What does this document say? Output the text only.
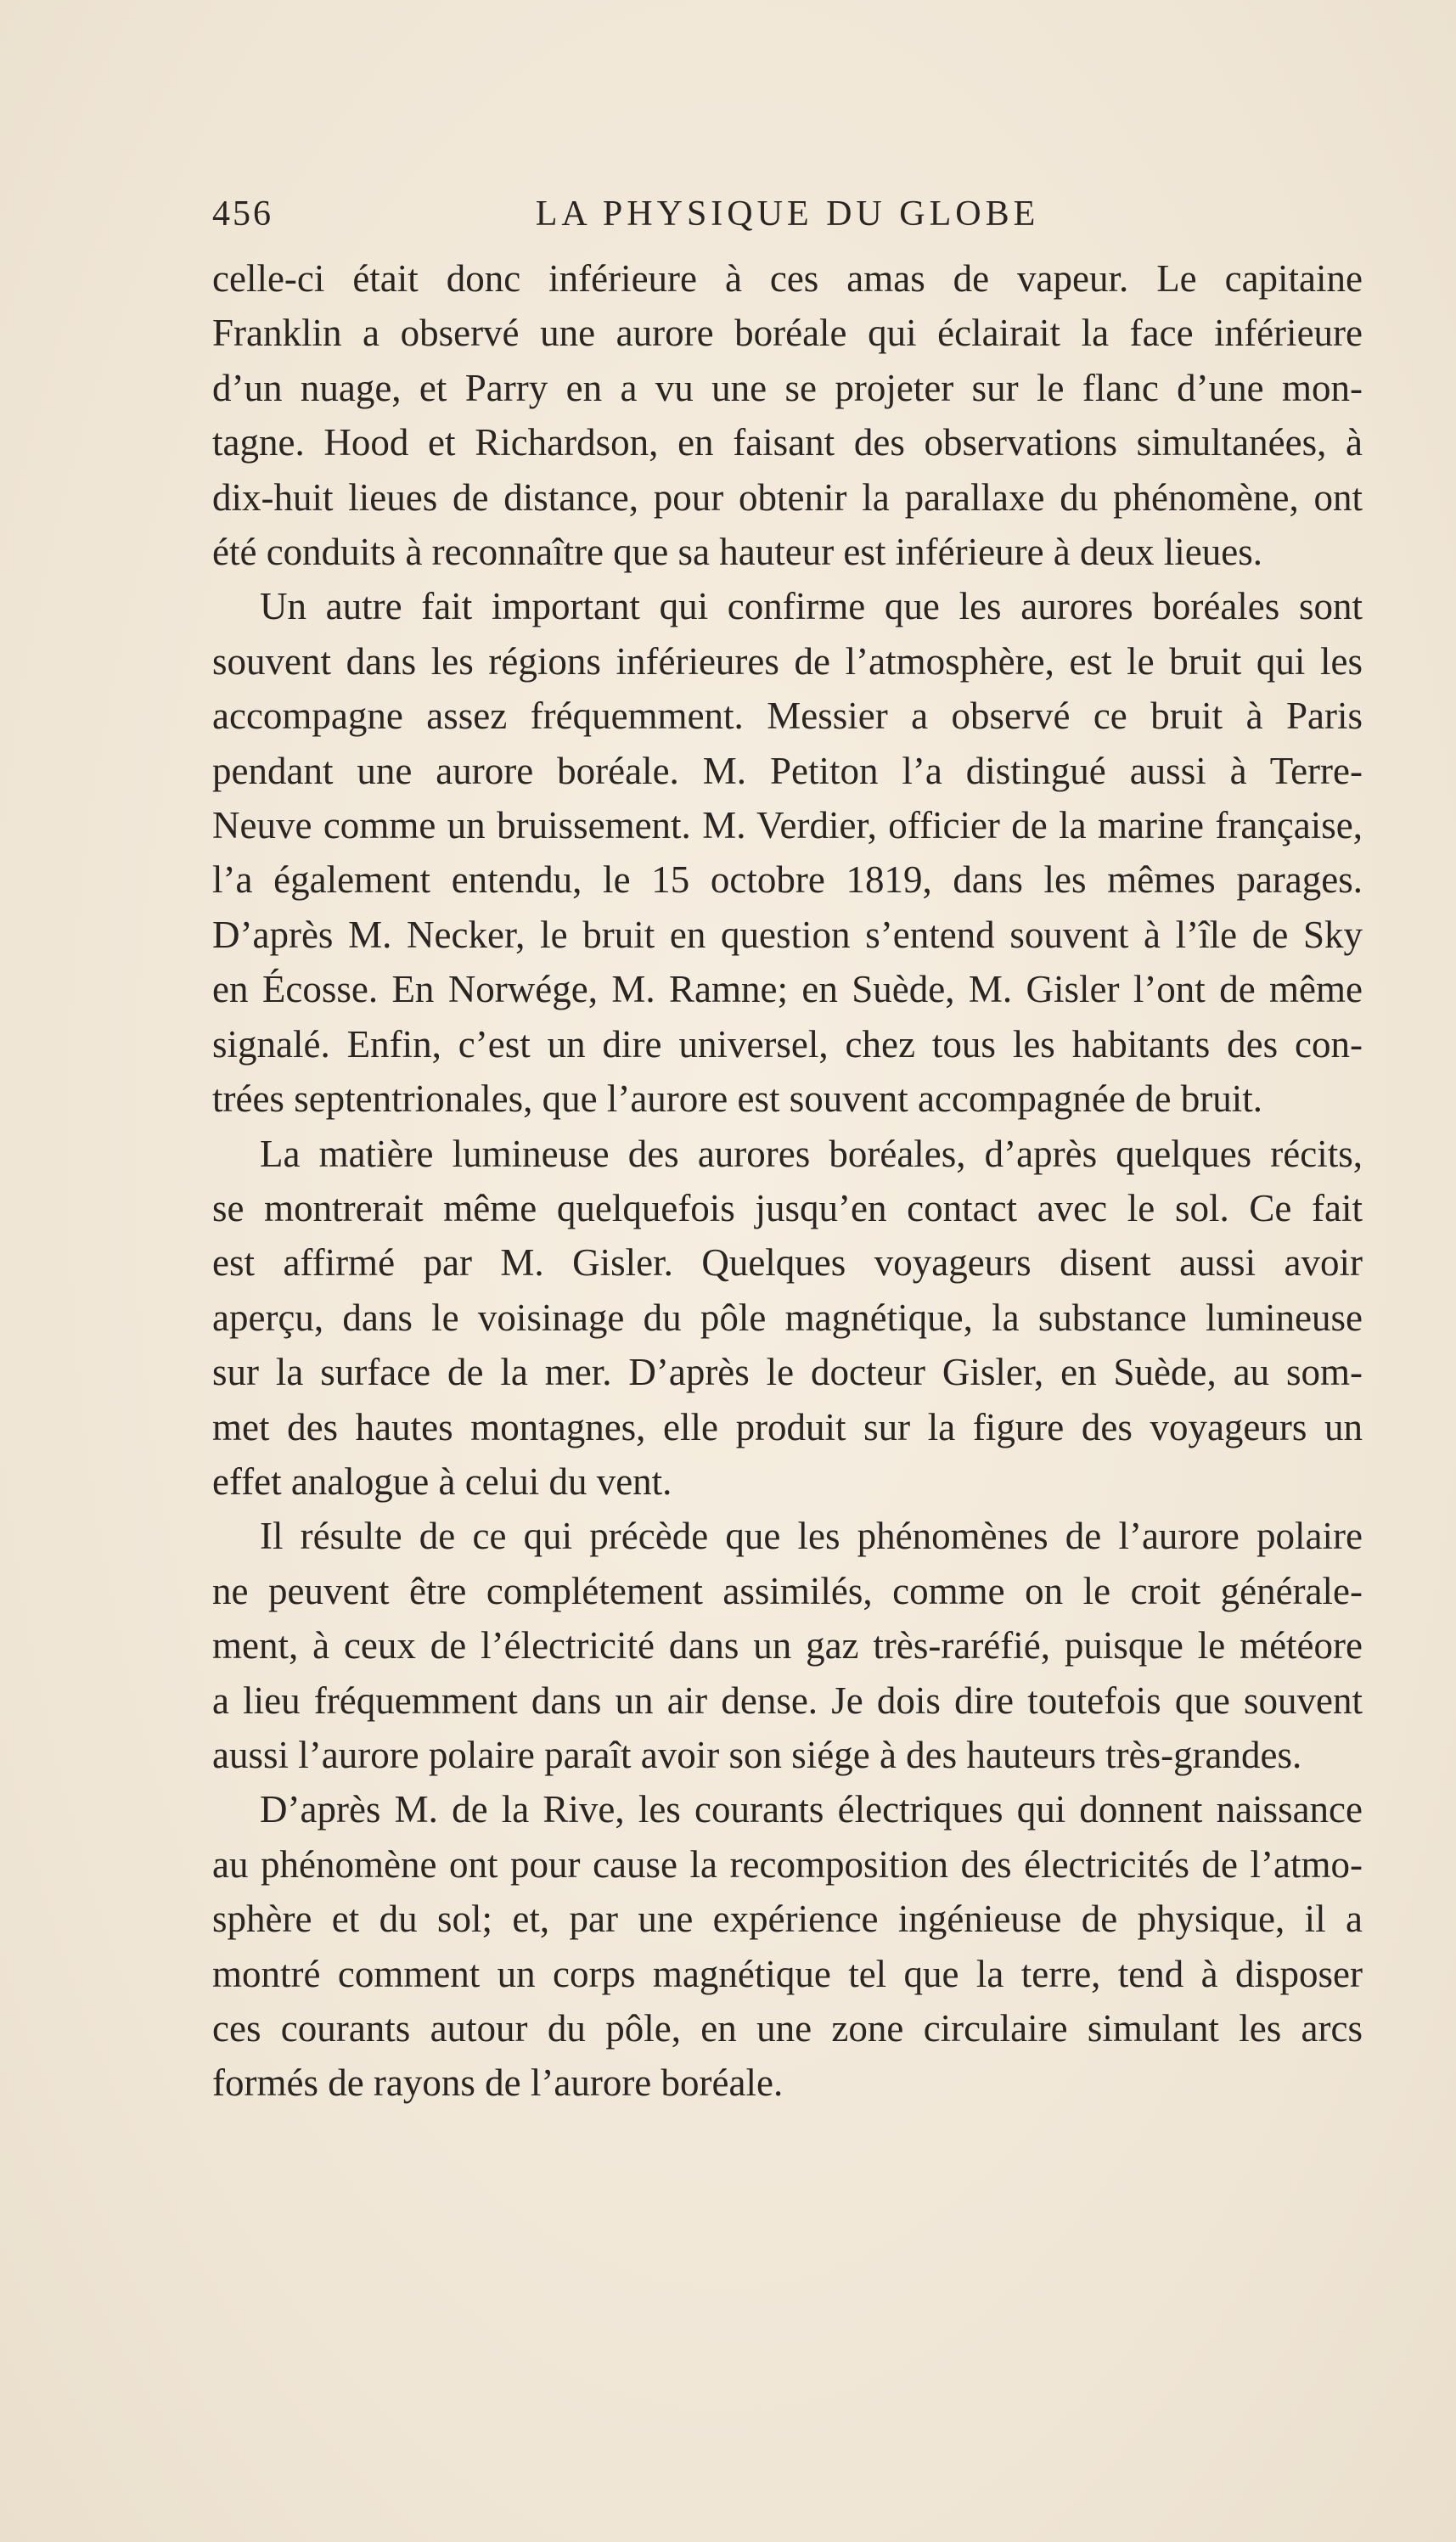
456	LA PHYSIQUE DU GLOBE

celle-ci était donc inférieure à ces amas de vapeur. Le capitaine
Franklin a observé une aurore boréale qui éclairait la face inférieure
d’un nuage, et Parry en a vu une se projeter sur le flanc d’une mon-
tagne. Hood et Richardson, en faisant des observations simultanées, à
dix-huit lieues de distance, pour obtenir la parallaxe du phénomène, ont
été conduits à reconnaître que sa hauteur est inférieure à deux lieues.

Un autre fait important qui confirme que les aurores boréales sont
souvent dans les régions inférieures de l’atmosphère, est le bruit qui les
accompagne assez fréquemment. Messier a observé ce bruit à Paris
pendant une aurore boréale. M. Petiton l’a distingué aussi à Terre-
Neuve comme un bruissement. M. Verdier, officier de la marine française,
l’a également entendu, le 15 octobre 1819, dans les mêmes parages.
D’après M. Necker, le bruit en question s’entend souvent à l’île de Sky
en Écosse. En Norwége, M. Ramne; en Suède, M. Gisler l’ont de même
signalé. Enfin, c’est un dire universel, chez tous les habitants des con-
trées septentrionales, que l’aurore est souvent accompagnée de bruit.

La matière lumineuse des aurores boréales, d’après quelques récits,
se montrerait même quelquefois jusqu’en contact avec le sol. Ce fait
est affirmé par M. Gisler. Quelques voyageurs disent aussi avoir
aperçu, dans le voisinage du pôle magnétique, la substance lumineuse
sur la surface de la mer. D’après le docteur Gisler, en Suède, au som-
met des hautes montagnes, elle produit sur la figure des voyageurs un
effet analogue à celui du vent.

Il résulte de ce qui précède que les phénomènes de l’aurore polaire
ne peuvent être complétement assimilés, comme on le croit générale-
ment, à ceux de l’électricité dans un gaz très-raréfié, puisque le météore
a lieu fréquemment dans un air dense. Je dois dire toutefois que souvent
aussi l’aurore polaire paraît avoir son siége à des hauteurs très-grandes.

D’après M. de la Rive, les courants électriques qui donnent naissance
au phénomène ont pour cause la recomposition des électricités de l’atmo-
sphère et du sol; et, par une expérience ingénieuse de physique, il a
montré comment un corps magnétique tel que la terre, tend à disposer
ces courants autour du pôle, en une zone circulaire simulant les arcs
formés de rayons de l’aurore boréale.
